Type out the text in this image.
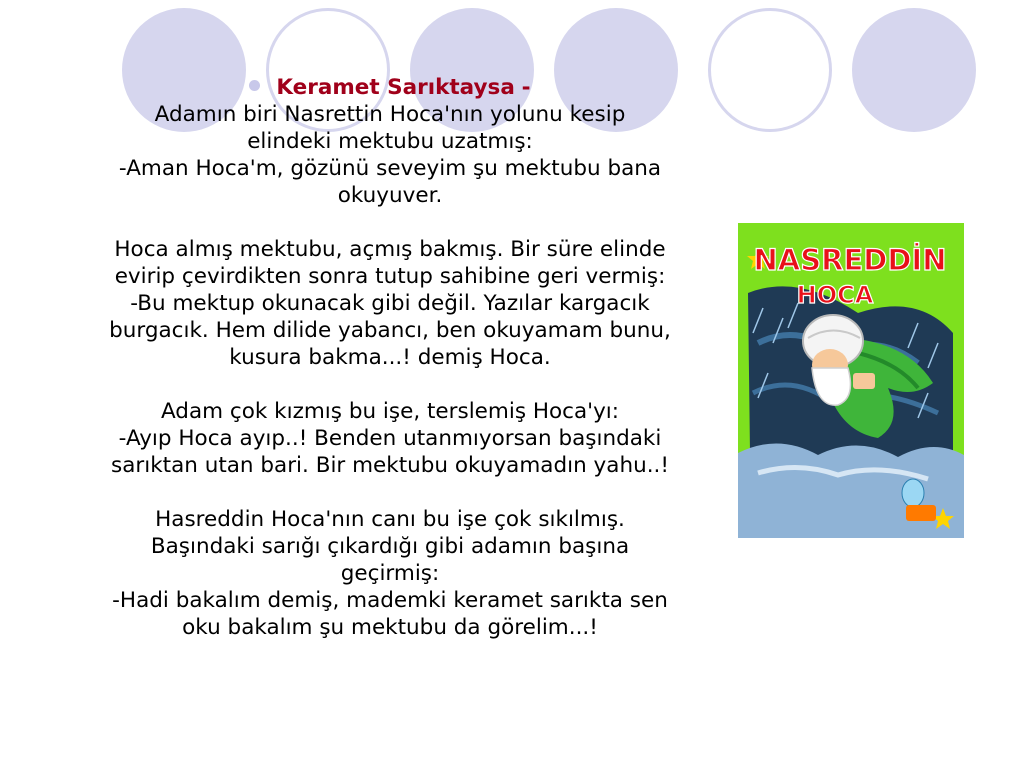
Keramet Sarıktaysa -
Adamın biri Nasrettin Hoca'nın yolunu kesip
elindeki mektubu uzatmış:
-Aman Hoca'm, gözünü seveyim şu mektubu bana
okuyuver.
Hoca almış mektubu, açmış bakmış. Bir süre elinde
evirip çevirdikten sonra tutup sahibine geri vermiş:
-Bu mektup okunacak gibi değil. Yazılar kargacık
burgacık. Hem dilide yabancı, ben okuyamam bunu,
kusura bakma...! demiş Hoca.
Adam çok kızmış bu işe, terslemiş Hoca'yı:
-Ayıp Hoca ayıp..! Benden utanmıyorsan başındaki
sarıktan utan bari. Bir mektubu okuyamadın yahu..!
Hasreddin Hoca'nın canı bu işe çok sıkılmış.
Başındaki sarığı çıkardığı gibi adamın başına
geçirmiş:
-Hadi bakalım demiş, mademki keramet sarıkta sen
oku bakalım şu mektubu da görelim...!
NASREDDİN
HOCA
